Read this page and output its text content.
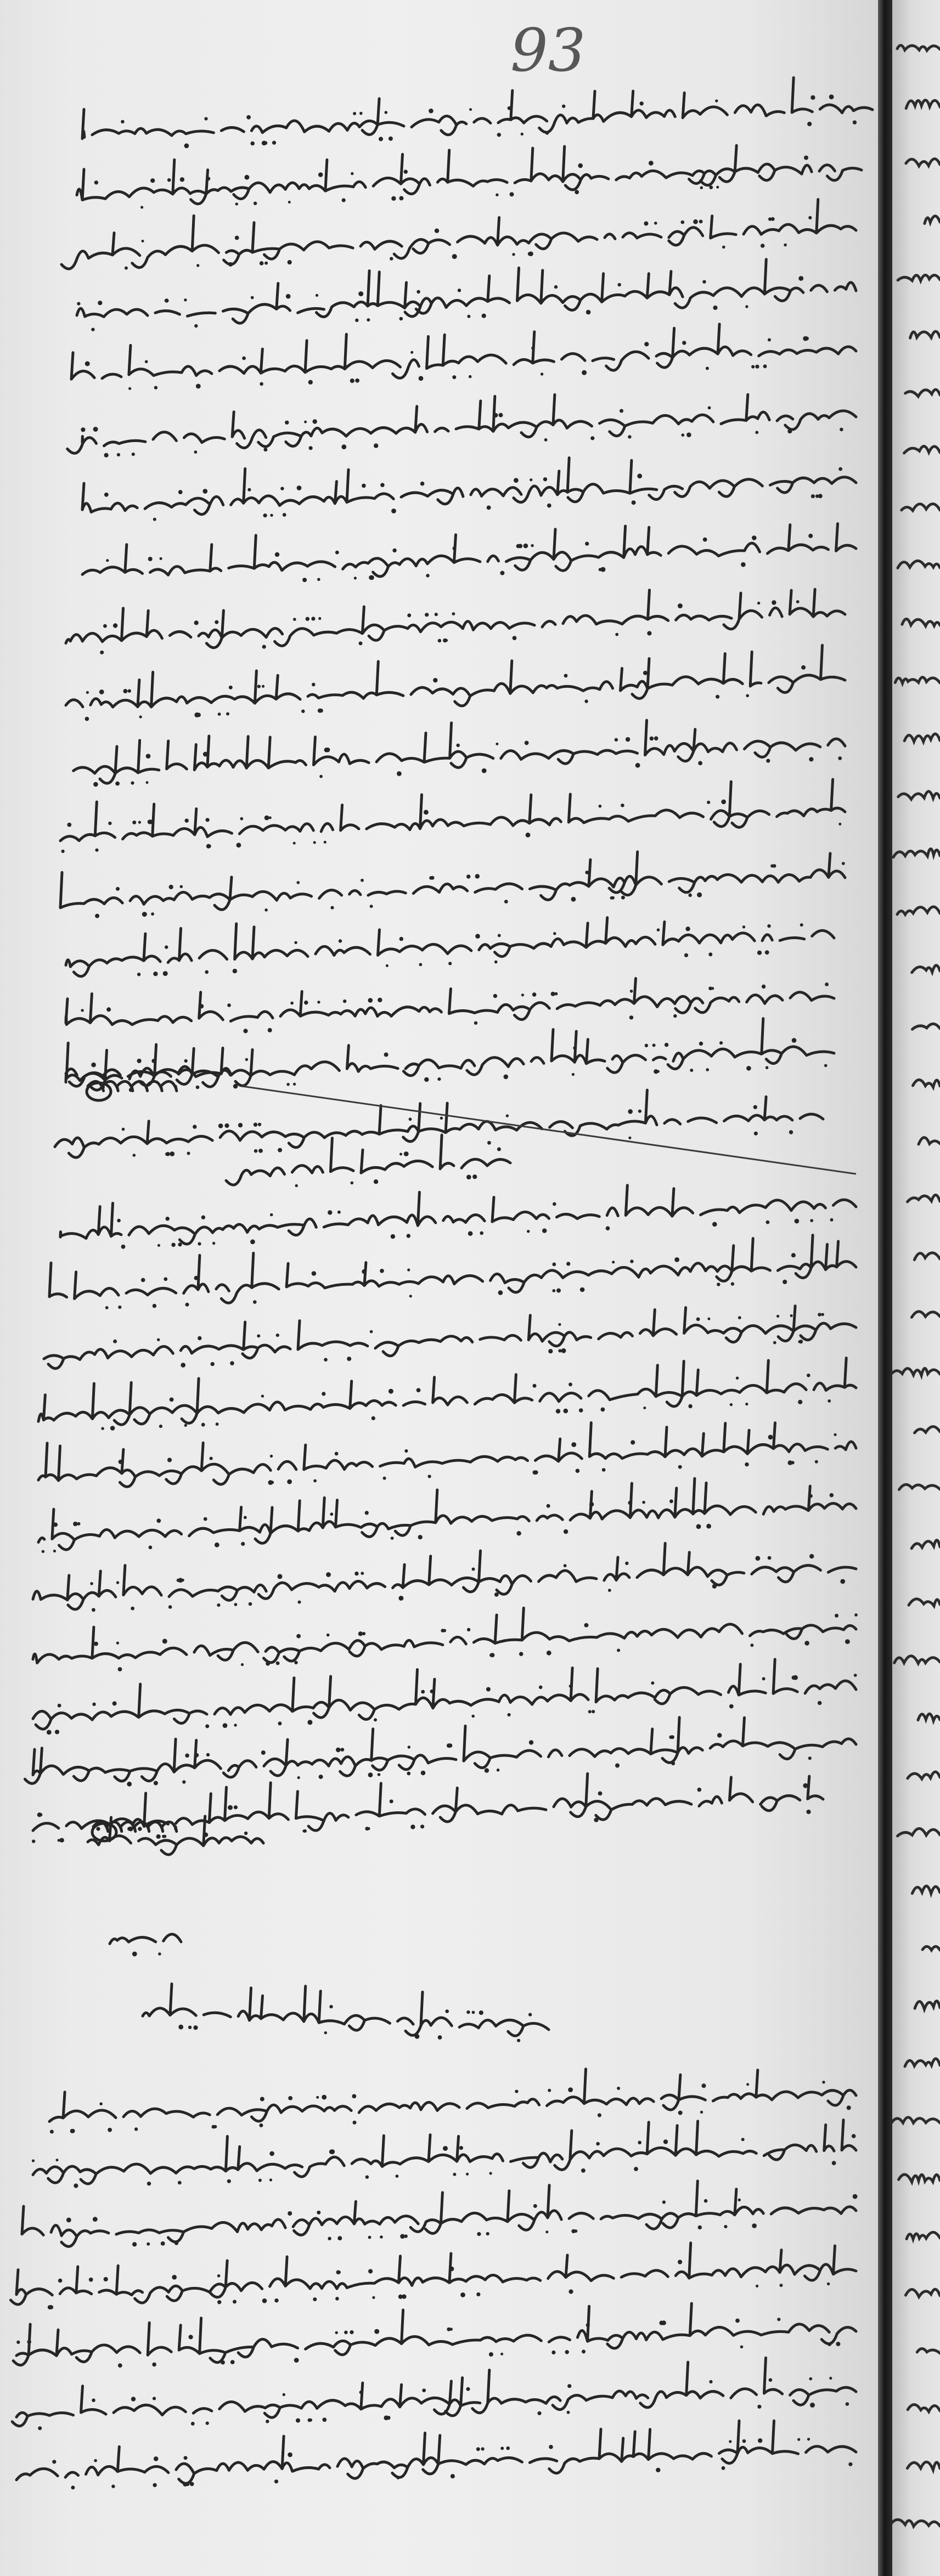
93
